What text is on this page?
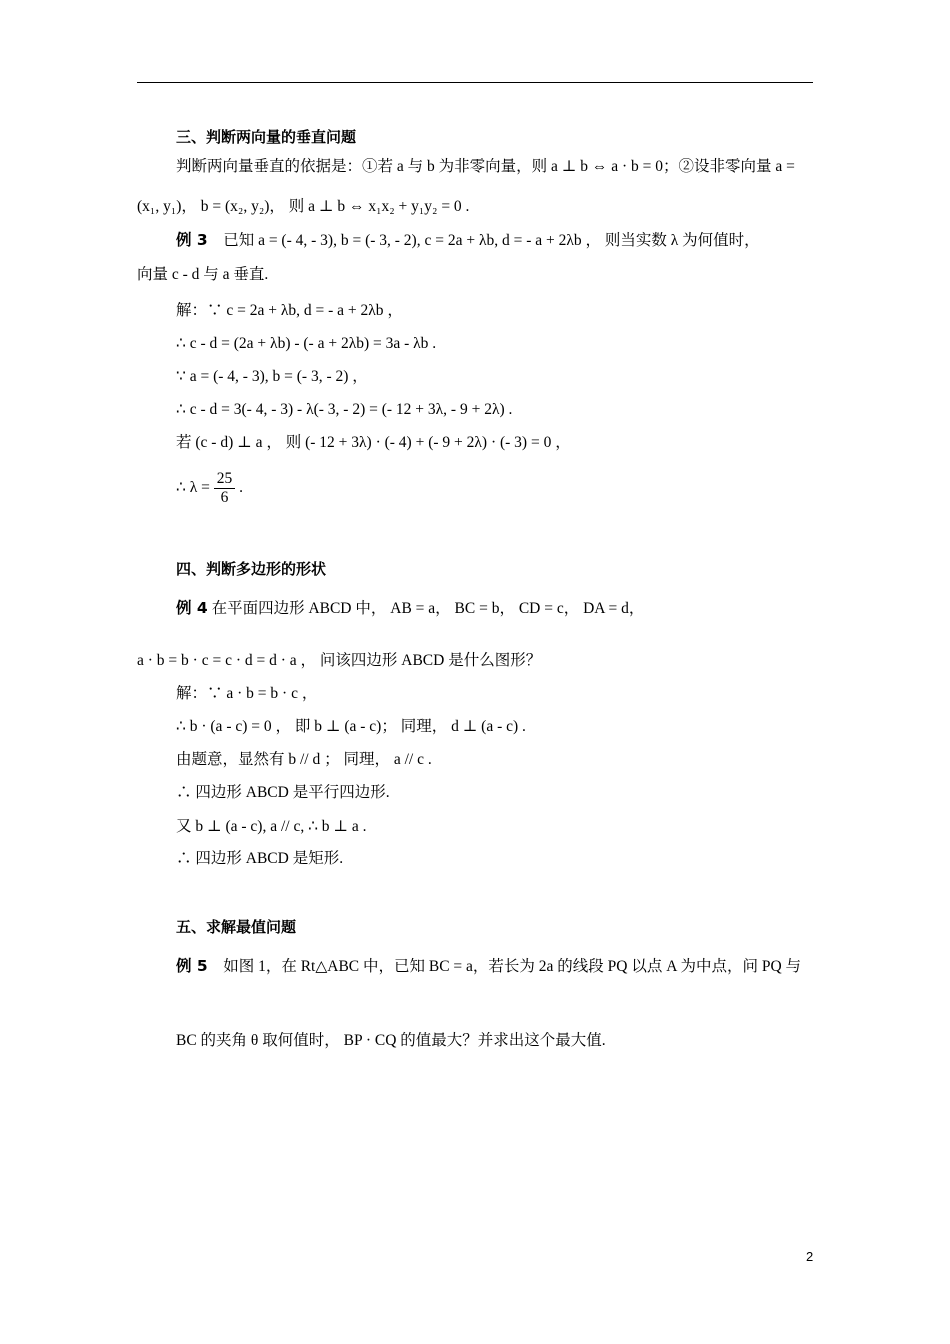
三、判断两向量的垂直问题
判断两向量垂直的依据是：①若 a 与 b 为非零向量，则 a ⊥ b ⇔ a · b = 0；②设非零向量 a =
(x₁, y₁)， b = (x₂, y₂)， 则 a ⊥ b ⇔ x₁x₂ + y₁y₂ = 0 .
例 3 已知 a = (- 4, - 3), b = (- 3, - 2), c = 2a + λb, d = - a + 2λb ， 则当实数 λ 为何值时，
向量 c - d 与 a 垂直.
解：∵ c = 2a + λb, d = - a + 2λb ，
∴ c - d = (2a + λb) - (- a + 2λb) = 3a - λb .
∵ a = (- 4, - 3), b = (- 3, - 2) ，
∴ c - d = 3(- 4, - 3) - λ(- 3, - 2) = (- 12 + 3λ, - 9 + 2λ) .
若 (c - d) ⊥ a ， 则 (- 12 + 3λ) · (- 4) + (- 9 + 2λ) · (- 3) = 0 ，
∴ $\lambda = \frac{25}{6}$ .
四、判断多边形的形状
例 4 在平面四边形 ABCD 中， AB = a， BC = b， CD = c， DA = d，
a · b = b · c = c · d = d · a ， 问该四边形 ABCD 是什么图形？
解：∵ a · b = b · c ，
∴ b · (a - c) = 0 ， 即 b ⊥ (a - c)； 同理， d ⊥ (a - c) .
由题意，显然有 b // d ； 同理， a // c .
∴ 四边形 ABCD 是平行四边形.
又 b ⊥ (a - c), a // c, ∴ b ⊥ a .
∴ 四边形 ABCD 是矩形.
五、求解最值问题
例 5 如图 1，在 Rt△ABC 中，已知 BC = a，若长为 2a 的线段 PQ 以点 A 为中点，问 PQ 与
BC 的夹角 θ 取何值时， BP · CQ 的值最大？并求出这个最大值.
2
